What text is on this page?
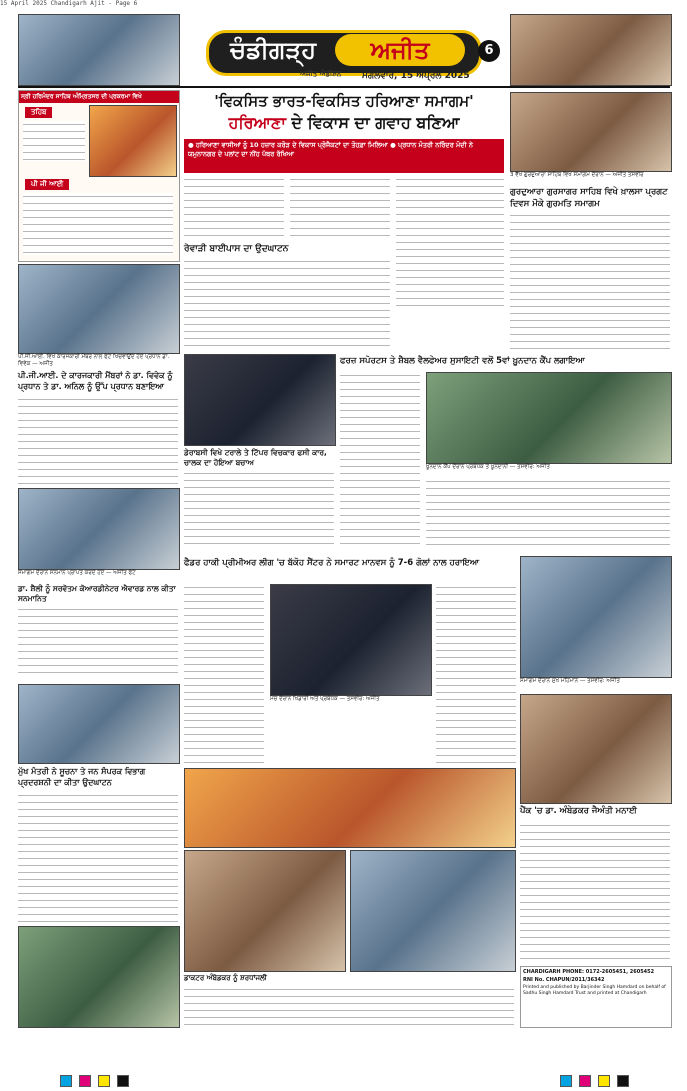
15 April 2025 Chandigarh Ajit - Page 6
ਚੰਡੀਗੜ੍ਹ	ਅਜੀਤ	6
ਅਜੀਤ ਐਡੀਸ਼ਨ ਮੰਗਲਵਾਰ, 15 ਅਪ੍ਰੈਲ 2025
ਸ੍ਰੀ ਹਰਿਮੰਦਰ ਸਾਹਿਬ ਅੰਮ੍ਰਿਤਸਰ ਦੀ ਪ੍ਰਕਰਮਾ ਵਿਖੇ
ਤਹਿਬ
ਪੀ ਜੀ ਆਈ
'ਵਿਕਸਿਤ ਭਾਰਤ-ਵਿਕਸਿਤ ਹਰਿਆਣਾ ਸਮਾਗਮ'
ਹਰਿਆਣਾ ਦੇ ਵਿਕਾਸ ਦਾ ਗਵਾਹ ਬਣਿਆ
● ਹਰਿਆਣਾ ਵਾਸੀਆਂ ਨੂੰ 10 ਹਜ਼ਾਰ ਕਰੋੜ ਦੇ ਵਿਕਾਸ ਪ੍ਰੋਜੈਕਟਾਂ ਦਾ ਤੋਹਫ਼ਾ ਮਿਲਿਆ ● ਪ੍ਰਧਾਨ ਮੰਤਰੀ ਨਰਿੰਦਰ ਮੋਦੀ ਨੇ ਯਮੁਨਾਨਗਰ ਦੇ ਪਲਾਂਟ ਦਾ ਨੀਂਹ ਪੱਥਰ ਰੱਖਿਆ
3 ਵੱਖ ਗੁਰਦੁਆਰਾ ਸਾਹਿਬ ਵਿਖੇ ਸਮਾਗਮ ਦੌਰਾਨ — ਅਜੀਤ ਤਸਵੀਰ
ਗੁਰਦੁਆਰਾ ਗੁਰਸਾਗਰ ਸਾਹਿਬ ਵਿਖੇ ਖ਼ਾਲਸਾ ਪ੍ਰਗਟ ਦਿਵਸ ਮੌਕੇ ਗੁਰਮਤਿ ਸਮਾਗਮ
ਰੇਵਾੜੀ ਬਾਈਪਾਸ ਦਾ ਉਦਘਾਟਨ
ਪੀ.ਜੀ.ਆਈ. ਵਿਖੇ ਕਾਰਜਕਾਰੀ ਮੈਂਬਰ ਨਾਲ ਫੋਟੋ ਖਿਚਵਾਉਂਦੇ ਹੋਏ ਪ੍ਰਧਾਨ ਡਾ. ਵਿਵੇਕ — ਅਜੀਤ
ਪੀ.ਜੀ.ਆਈ. ਦੇ ਕਾਰਜਕਾਰੀ ਮੈਂਬਰਾਂ ਨੇ ਡਾ. ਵਿਵੇਕ ਨੂੰ ਪ੍ਰਧਾਨ ਤੇ ਡਾ. ਅਨਿਲ ਨੂੰ ਉੱਪ ਪ੍ਰਧਾਨ ਬਣਾਇਆ
ਡੇਰਾਬਸੀ ਵਿਖੇ ਟਰਾਲੇ ਤੇ ਟਿੱਪਰ ਵਿਚਕਾਰ ਫਸੀ ਕਾਰ, ਚਾਲਕ ਦਾ ਹੋਇਆ ਬਚਾਅ
ਫਰਜ਼ ਸਪੋਰਟਸ ਤੇ ਸ਼ੈਬਲ ਵੈਲਫੇਅਰ ਸੁਸਾਇਟੀ ਵਲੋਂ 5ਵਾਂ ਖ਼ੂਨਦਾਨ ਕੈਂਪ ਲਗਾਇਆ
ਖ਼ੂਨਦਾਨ ਕੈਂਪ ਦੌਰਾਨ ਪ੍ਰਬੰਧਕ ਤੇ ਖ਼ੂਨਦਾਨੀ — ਤਸਵੀਰ: ਅਜੀਤ
ਸਮਾਗਮ ਦੌਰਾਨ ਸਨਮਾਨ ਪ੍ਰਾਪਤ ਕਰਦੇ ਹੋਏ — ਅਜੀਤ ਫੋਟੋ
ਡਾ. ਸ਼ੈਲੀ ਨੂੰ ਸਰਵੋਤਮ ਕੋਆਰਡੀਨੇਟਰ ਐਵਾਰਡ ਨਾਲ ਕੀਤਾ ਸਨਮਾਨਿਤ
ਫੈਡਰ ਹਾਕੀ ਪ੍ਰੀਮੀਅਰ ਲੀਗ 'ਚ ਬੱਕੋਹ ਸੈਂਟਰ ਨੇ ਸਮਾਰਟ ਮਾਨਵਸ ਨੂੰ 7-6 ਗੋਲਾਂ ਨਾਲ ਹਰਾਇਆ
ਮੈਚ ਦੌਰਾਨ ਖਿਡਾਰੀ ਅਤੇ ਪ੍ਰਬੰਧਕ — ਤਸਵੀਰ: ਅਜੀਤ
ਸਮਾਗਮ ਦੌਰਾਨ ਮੁੱਖ ਮਹਿਮਾਨ — ਤਸਵੀਰ: ਅਜੀਤ
ਮੁੱਖ ਮੰਤਰੀ ਨੇ ਸੂਚਨਾ ਤੇ ਜਨ ਸੰਪਰਕ ਵਿਭਾਗ ਪ੍ਰਦਰਸ਼ਨੀ ਦਾ ਕੀਤਾ ਉਦਘਾਟਨ
ਡਾਕਟਰ ਅੰਬੇਡਕਰ ਨੂੰ ਸ਼ਰਧਾਂਜਲੀ
ਪੈਂਕ 'ਚ ਡਾ. ਅੰਬੇਡਕਰ ਜੈਅੰਤੀ ਮਨਾਈ
CHARDIGARH PHONE: 0172-2605451, 2605452
RNI No. CHAPUN/2011/36342
Printed and published by Barjinder Singh Hamdard on behalf of Sadhu Singh Hamdard Trust and printed at Chandigarh
